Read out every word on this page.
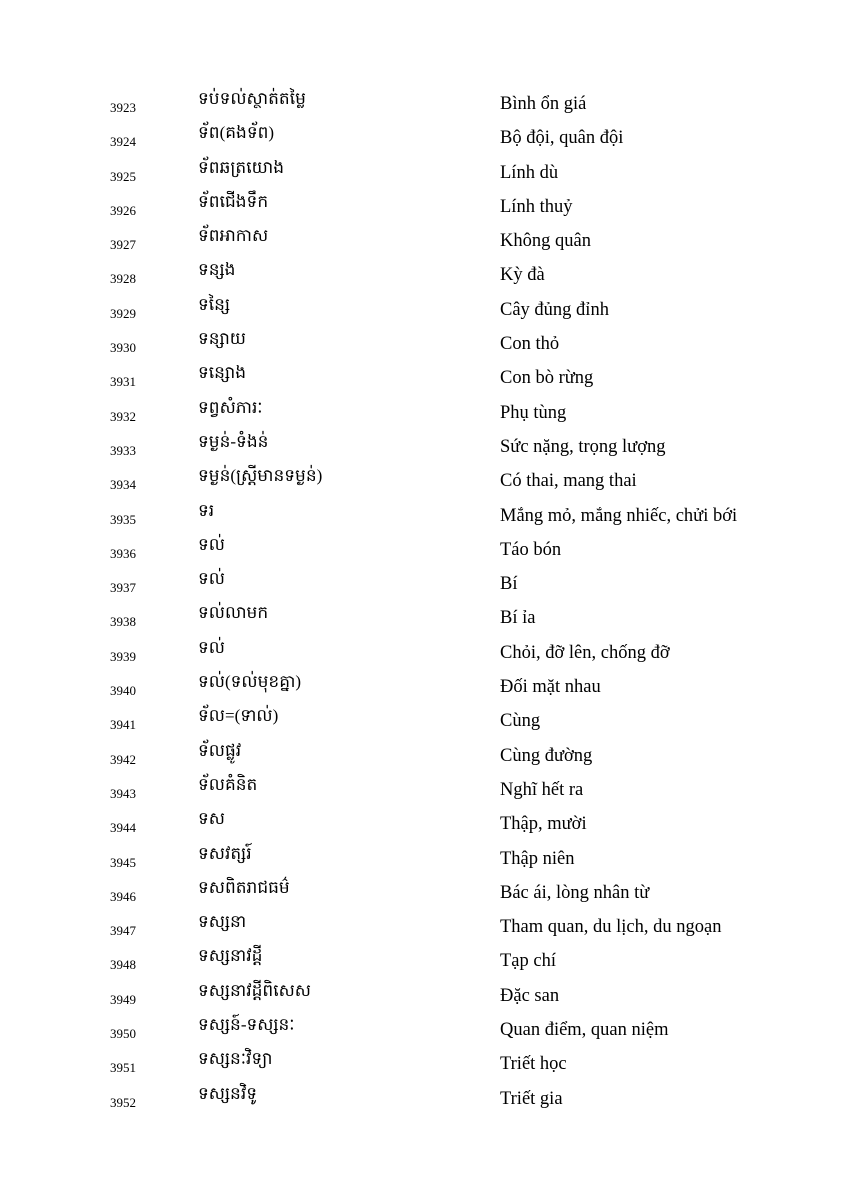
3923	ទប់ទល់ស្ថាត់តម្លៃ	Bình ổn giá
3924	ទ័ព(គងទ័ព)	Bộ đội, quân đội
3925	ទ័ពឆត្រយោង	Lính dù
3926	ទ័ពជើងទឹក	Lính thuỷ
3927	ទ័ពអាកាស	Không quân
3928	ទន្សង	Kỳ đà
3929	ទន្សៃ	Cây đủng đỉnh
3930	ទន្សាយ	Con thỏ
3931	ទន្សោង	Con bò rừng
3932	ទព្វសំភារៈ	Phụ tùng
3933	ទម្ងន់-ទំងន់	Sức nặng, trọng lượng
3934	ទម្ងន់(ស្ត្រីមានទម្ងន់)	Có thai, mang thai
3935	ទរ	Mắng mỏ, mắng nhiếc, chửi bới
3936	ទល់	Táo bón
3937	ទល់	Bí
3938	ទល់លាមក	Bí ỉa
3939	ទល់	Chỏi, đỡ lên, chống đỡ
3940	ទល់(ទល់មុខគ្នា)	Đối mặt nhau
3941	ទ័ល=(ទាល់)	Cùng
3942	ទ័លផ្លូវ	Cùng đường
3943	ទ័លគំនិត	Nghĩ hết ra
3944	ទស	Thập, mười
3945	ទសវត្សរ៍	Thập niên
3946	ទសពិតរាជធម៌	Bác ái, lòng nhân từ
3947	ទស្សនា	Tham quan, du lịch, du ngoạn
3948	ទស្សនាវដ្តី	Tạp chí
3949	ទស្សនាវដ្តីពិសេស	Đặc san
3950	ទស្សន៍-ទស្សនៈ	Quan điểm, quan niệm
3951	ទស្សនៈវិទ្យា	Triết học
3952	ទស្សនវិទូ	Triết gia
